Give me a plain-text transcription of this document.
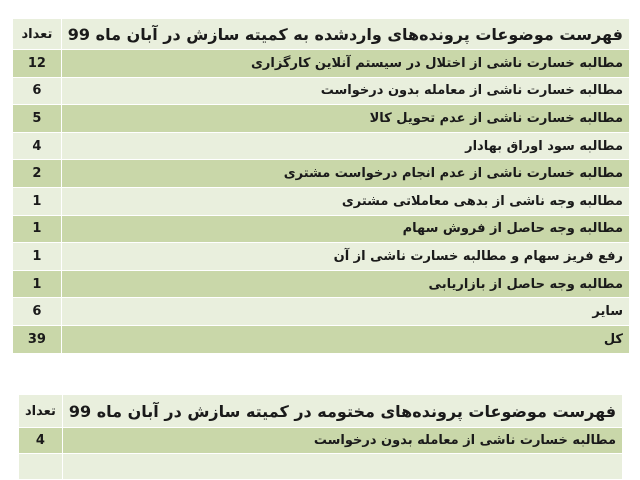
فهرست موضوعات پرونده‌های واردشده به کمیته سازش در آبان ماه 99	تعداد
مطالبه خسارت ناشی از اختلال در سیستم آنلاین کارگزاری	12
مطالبه خسارت ناشی از معامله بدون درخواست	6
مطالبه خسارت ناشی از عدم تحویل کالا	5
مطالبه سود اوراق بهادار	4
مطالبه خسارت ناشی از عدم انجام درخواست مشتری	2
مطالبه وجه ناشی از بدهی معاملاتی مشتری	1
مطالبه وجه حاصل از فروش سهام	1
رفع فریز سهام و مطالبه خسارت ناشی از آن	1
مطالبه وجه حاصل از بازاریابی	1
سایر	6
کل	39
فهرست موضوعات پرونده‌های مختومه در کمیته سازش در آبان ماه 99	تعداد
مطالبه خسارت ناشی از معامله بدون درخواست	4
